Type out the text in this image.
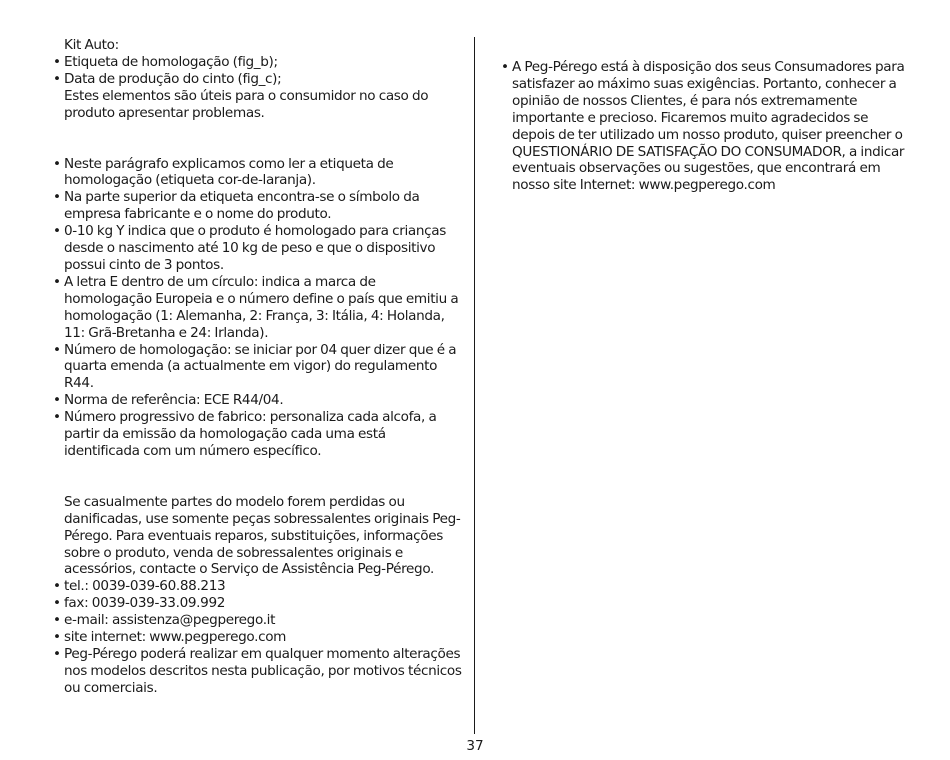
Kit Auto:
• Etiqueta de homologação (fig_b);
• Data de produção do cinto (fig_c);
Estes elementos são úteis para o consumidor no caso do produto apresentar problemas.
• Neste parágrafo explicamos como ler a etiqueta de homologação (etiqueta cor-de-laranja).
• Na parte superior da etiqueta encontra-se o símbolo da empresa fabricante e o nome do produto.
• 0-10 kg Y indica que o produto é homologado para crianças desde o nascimento até 10 kg de peso e que o dispositivo possui cinto de 3 pontos.
• A letra E dentro de um círculo: indica a marca de homologação Europeia e o número define o país que emitiu a homologação (1: Alemanha, 2: França, 3: Itália, 4: Holanda, 11: Grã-Bretanha e 24: Irlanda).
• Número de homologação: se iniciar por 04 quer dizer que é a quarta emenda (a actualmente em vigor) do regulamento R44.
• Norma de referência: ECE R44/04.
• Número progressivo de fabrico: personaliza cada alcofa, a partir da emissão da homologação cada uma está identificada com um número específico.
Se casualmente partes do modelo forem perdidas ou danificadas, use somente peças sobressalentes originais Peg-Pérego. Para eventuais reparos, substituições, informações sobre o produto, venda de sobressalentes originais e acessórios, contacte o Serviço de Assistência Peg-Pérego.
• tel.: 0039-039-60.88.213
• fax: 0039-039-33.09.992
• e-mail: assistenza@pegperego.it
• site internet: www.pegperego.com
• Peg-Pérego poderá realizar em qualquer momento alterações nos modelos descritos nesta publicação, por motivos técnicos ou comerciais.
• A Peg-Pérego está à disposição dos seus Consumadores para satisfazer ao máximo suas exigências. Portanto, conhecer a opinião de nossos Clientes, é para nós extremamente importante e precioso. Ficaremos muito agradecidos se depois de ter utilizado um nosso produto, quiser preencher o QUESTIONÁRIO DE SATISFAÇÃO DO CONSUMADOR, a indicar eventuais observações ou sugestões, que encontrará em nosso site Internet: www.pegperego.com
37
